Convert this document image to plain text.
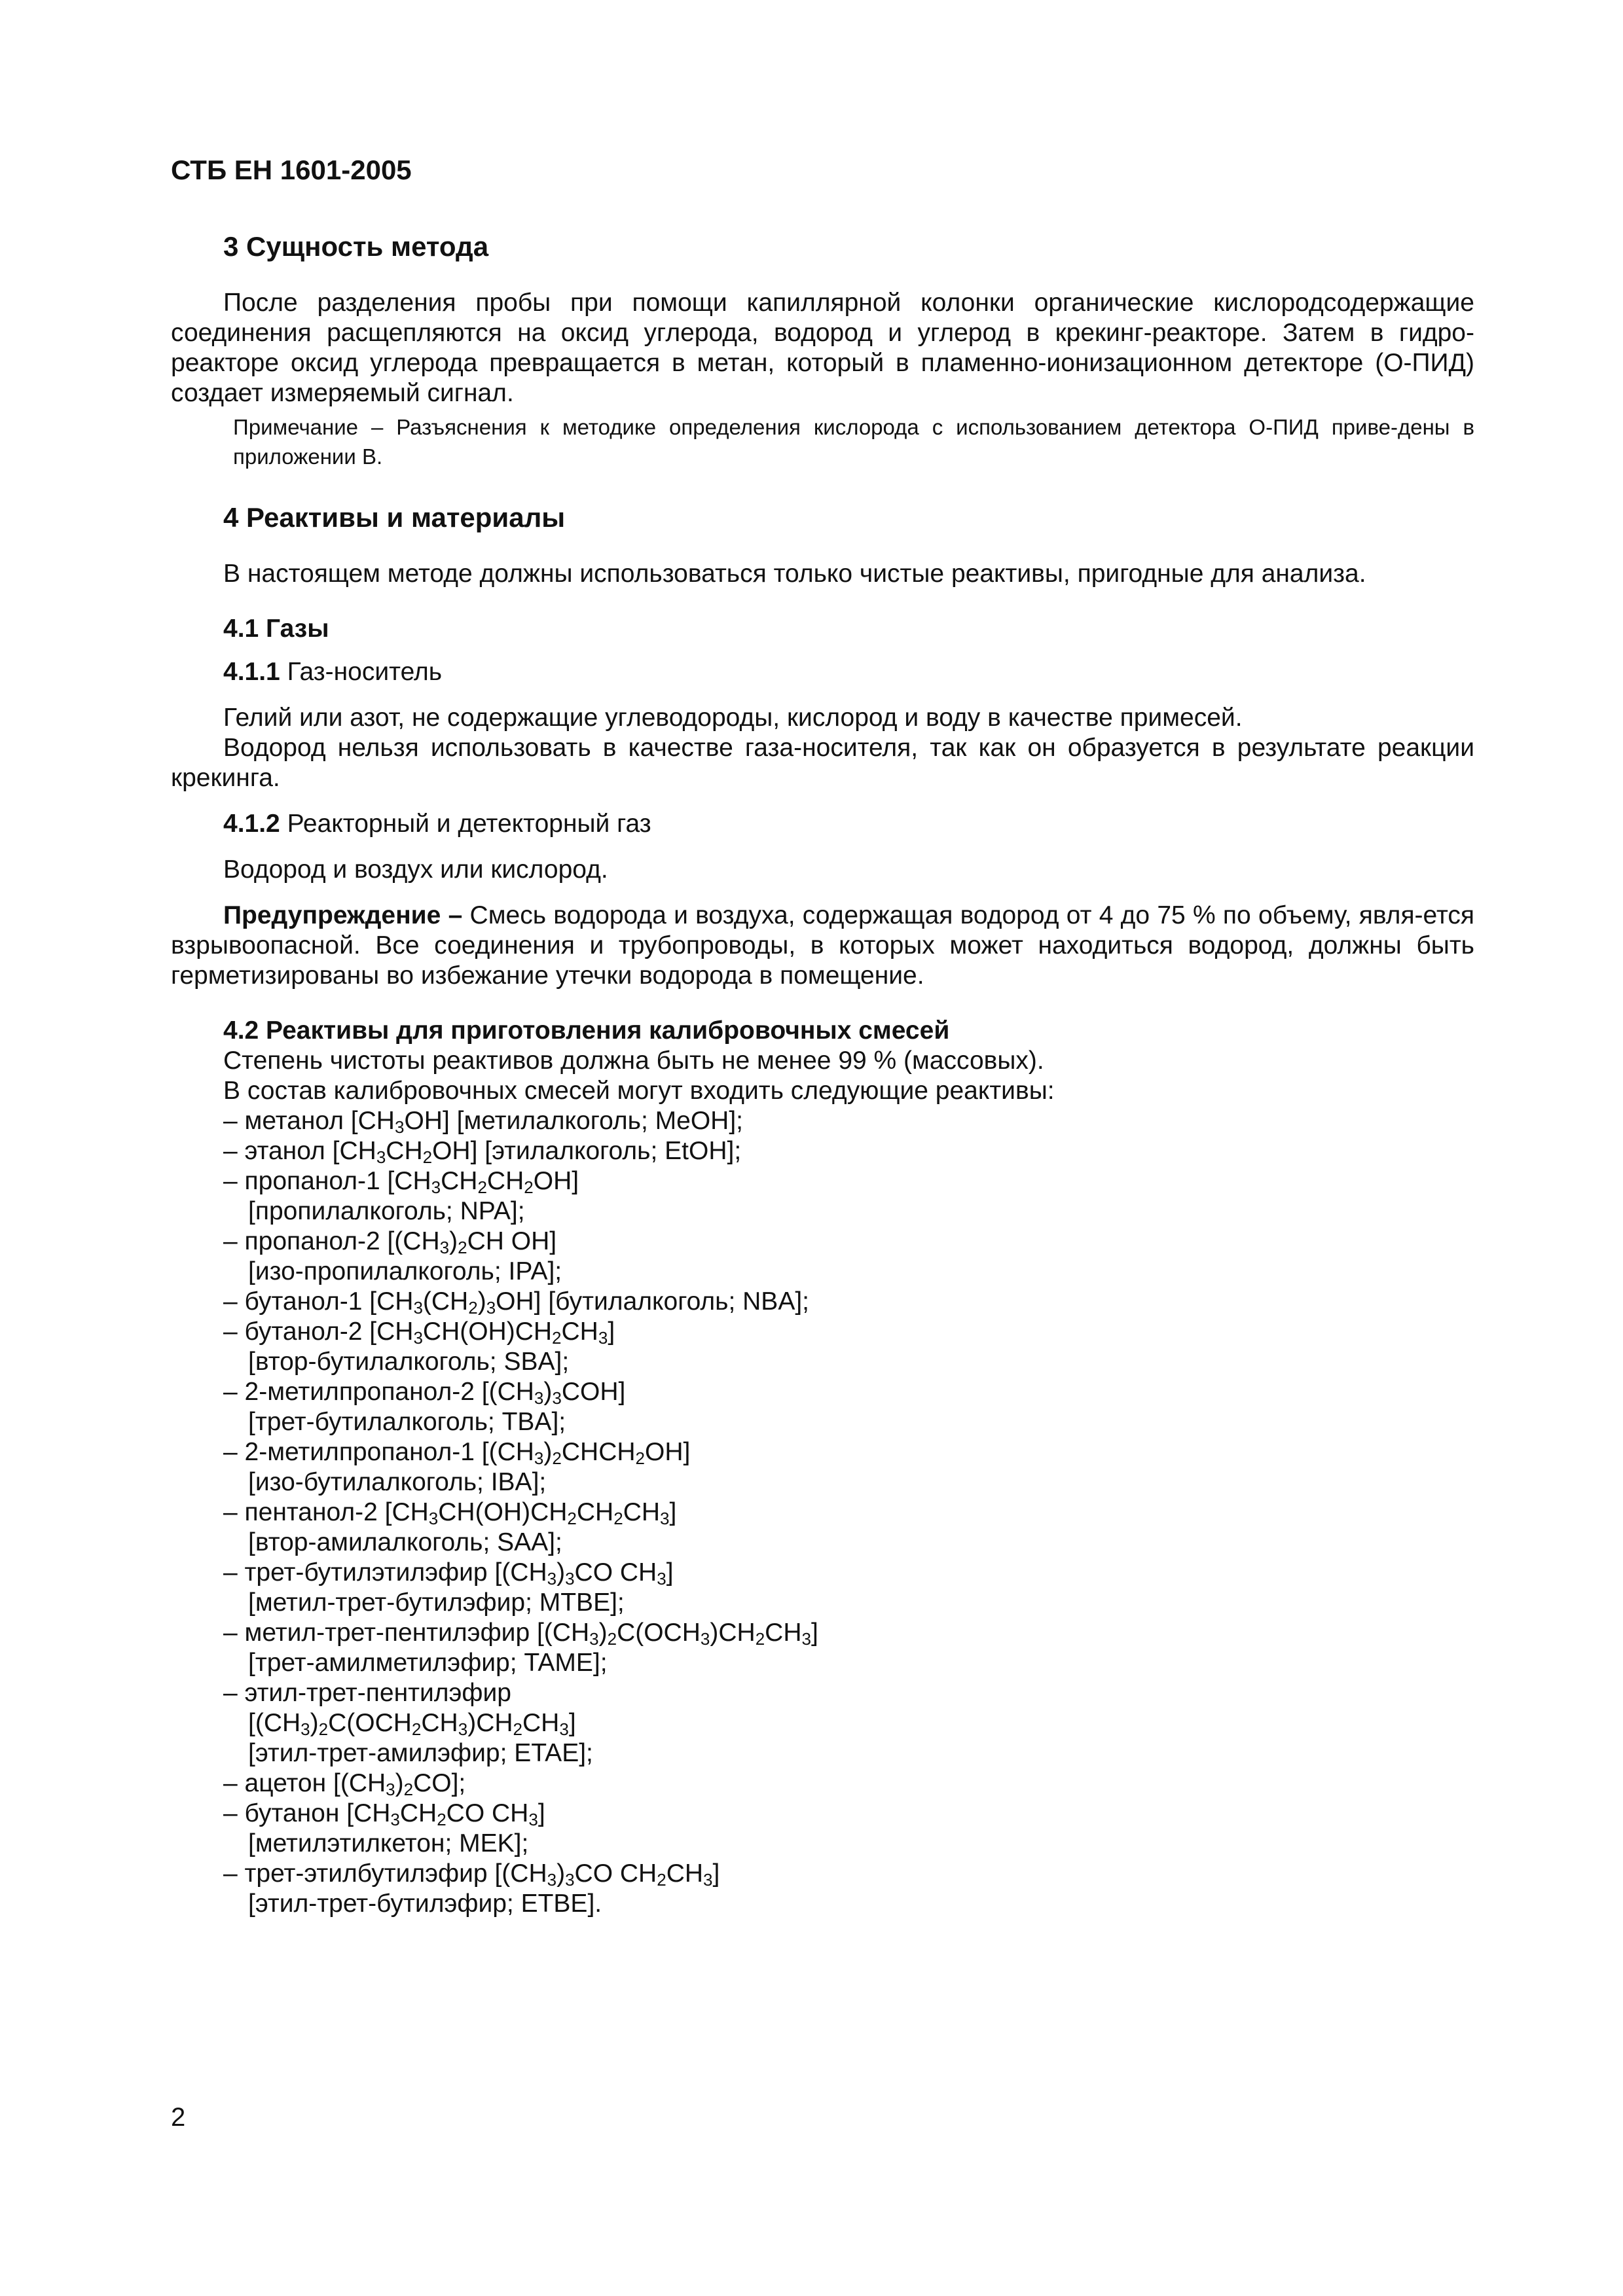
СТБ ЕН 1601-2005
3 Сущность метода

После разделения пробы при помощи капиллярной колонки органические кислородсодержащие соединения расщепляются на оксид углерода, водород и углерод в крекинг-реакторе. Затем в гидро-реакторе оксид углерода превращается в метан, который в пламенно-ионизационном детекторе (О-ПИД) создает измеряемый сигнал.

Примечание – Разъяснения к методике определения кислорода с использованием детектора О-ПИД приве-дены в приложении В.

4 Реактивы и материалы

В настоящем методе должны использоваться только чистые реактивы, пригодные для анализа.

4.1 Газы

4.1.1 Газ-носитель

Гелий или азот, не содержащие углеводороды, кислород и воду в качестве примесей.

Водород нельзя использовать в качестве газа-носителя, так как он образуется в результате реакции крекинга.

4.1.2 Реакторный и детекторный газ

Водород и воздух или кислород.

Предупреждение – Смесь водорода и воздуха, содержащая водород от 4 до 75 % по объему, явля-ется взрывоопасной. Все соединения и трубопроводы, в которых может находиться водород, должны быть герметизированы во избежание утечки водорода в помещение.

4.2 Реактивы для приготовления калибровочных смесей

Степень чистоты реактивов должна быть не менее 99 % (массовых).

В состав калибровочных смесей могут входить следующие реактивы:

– метанол $[CH_3OH]$ [метилалкоголь; MeOH];
– этанол $[CH_3CH_2OH]$ [этилалкоголь; EtOH];
– пропанол-1 $[CH_3CH_2CH_2OH]$
[пропилалкоголь; NPA];
– пропанол-2 [$(CH_3)_2CH$ OH]
[изо-пропилалкоголь; IPA];
– бутанол-1 $[CH_3(CH_2)_3OH]$ [бутилалкоголь; NBA];
– бутанол-2 $[CH_3CH(OH)CH_2CH_3]$
[втор-бутилалкоголь; SBA];
– 2-метилпропанол-2 $[(CH_3)_3COH]$
[трет-бутилалкоголь; TBA];
– 2-метилпропанол-1 $[(CH_3)_2CHCH_2OH]$
[изо-бутилалкоголь; IBA];
– пентанол-2 $[CH_3CH(OH)CH_2CH_2CH_3]$
[втор-амилалкоголь; SAA];
– трет-бутилэтилэфир [$(CH_3)_3CO$ $CH_3$]
[метил-трет-бутилэфир; MTBE];
– метил-трет-пентилэфир $[(CH_3)_2C(OCH_3)CH_2CH_3]$
[трет-амилметилэфир; TAME];
– этил-трет-пентилэфир
$[(CH_3)_2C(OCH_2CH_3)CH_2CH_3]$
[этил-трет-амилэфир; ETAE];
– ацетон $[(CH_3)_2CO]$;
– бутанон [$CH_3CH_2CO$ $CH_3$]
[метилэтилкетон; MEK];
– трет-этилбутилэфир [$(CH_3)_3CO$ $CH_2CH_3$]
[этил-трет-бутилэфир; ETBE].
2
